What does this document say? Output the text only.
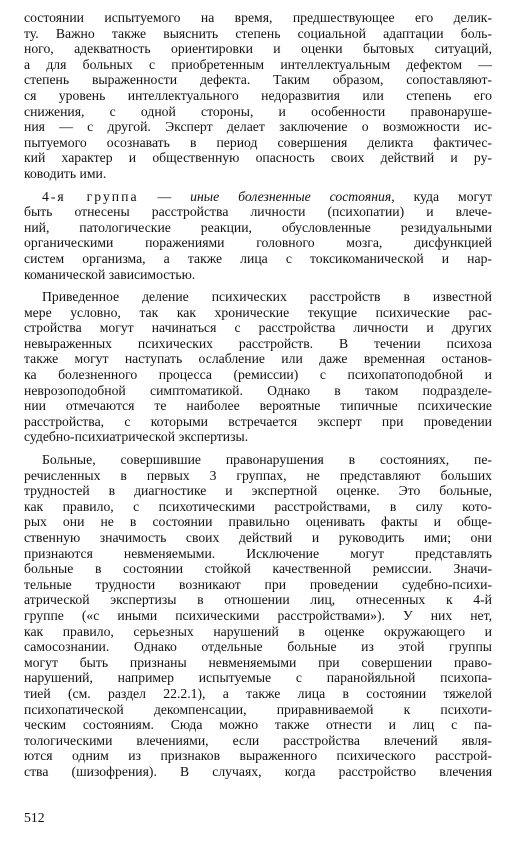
состоянии испытуемого на время, предшествующее его делик-
ту. Важно также выяснить степень социальной адаптации боль-
ного, адекватность ориентировки и оценки бытовых ситуаций,
а для больных с приобретенным интеллектуальным дефектом —
степень выраженности дефекта. Таким образом, сопоставляют-
ся уровень интеллектуального недоразвития или степень его
снижения, с одной стороны, и особенности правонаруше-
ния — с другой. Эксперт делает заключение о возможности ис-
пытуемого осознавать в период совершения деликта фактичес-
кий характер и общественную опасность своих действий и ру-
ководить ими.
4-я группа — иные болезненные состояния, куда могут
быть отнесены расстройства личности (психопатии) и влече-
ний, патологические реакции, обусловленные резидуальными
органическими поражениями головного мозга, дисфункцией
систем организма, а также лица с токсикоманической и нар-
команической зависимостью.
Приведенное деление психических расстройств в известной
мере условно, так как хронические текущие психические рас-
стройства могут начинаться с расстройства личности и других
невыраженных психических расстройств. В течении психоза
также могут наступать ослабление или даже временная останов-
ка болезненного процесса (ремиссии) с психопатоподобной и
неврозоподобной симптоматикой. Однако в таком подразделе-
нии отмечаются те наиболее вероятные типичные психические
расстройства, с которыми встречается эксперт при проведении
судебно-психиатрической экспертизы.
Больные, совершившие правонарушения в состояниях, пе-
речисленных в первых 3 группах, не представляют больших
трудностей в диагностике и экспертной оценке. Это больные,
как правило, с психотическими расстройствами, в силу кото-
рых они не в состоянии правильно оценивать факты и обще-
ственную значимость своих действий и руководить ими; они
признаются невменяемыми. Исключение могут представлять
больные в состоянии стойкой качественной ремиссии. Значи-
тельные трудности возникают при проведении судебно-психи-
атрической экспертизы в отношении лиц, отнесенных к 4-й
группе («с иными психическими расстройствами»). У них нет,
как правило, серьезных нарушений в оценке окружающего и
самосознании. Однако отдельные больные из этой группы
могут быть признаны невменяемыми при совершении право-
нарушений, например испытуемые с паранойяльной психопа-
тией (см. раздел 22.2.1), а также лица в состоянии тяжелой
психопатической декомпенсации, приравниваемой к психоти-
ческим состояниям. Сюда можно также отнести и лиц с па-
тологическими влечениями, если расстройства влечений явля-
ются одним из признаков выраженного психического расстрой-
ства (шизофрения). В случаях, когда расстройство влечения
512
